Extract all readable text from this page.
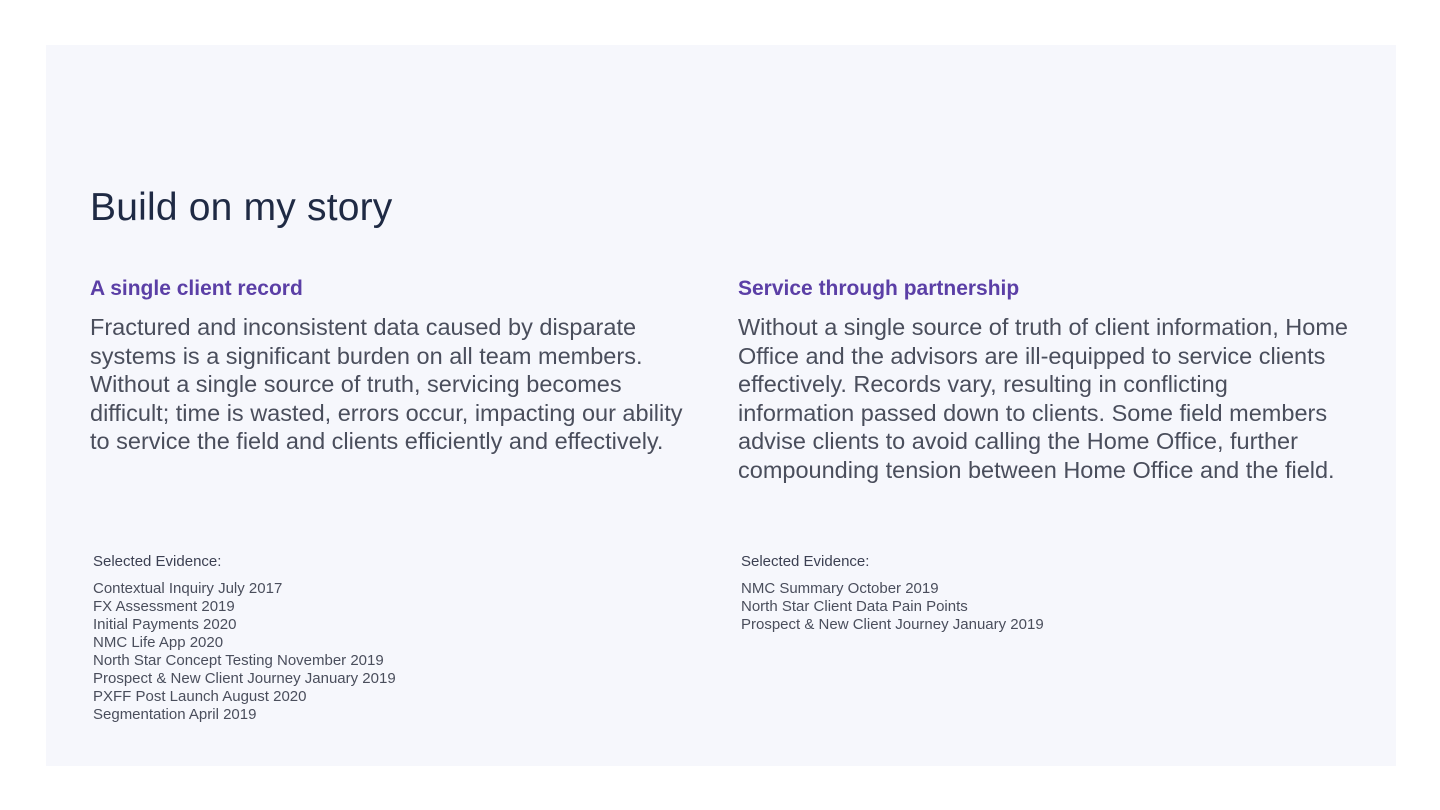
Build on my story
A single client record

Fractured and inconsistent data caused by disparate systems is a significant burden on all team members. Without a single source of truth, servicing becomes difficult; time is wasted, errors occur, impacting our ability to service the field and clients efficiently and effectively.

Service through partnership

Without a single source of truth of client information, Home Office and the advisors are ill-equipped to service clients effectively. Records vary, resulting in conflicting information passed down to clients. Some field members advise clients to avoid calling the Home Office, further compounding tension between Home Office and the field.

Selected Evidence:
Contextual Inquiry July 2017
FX Assessment 2019
Initial Payments 2020
NMC Life App 2020
North Star Concept Testing November 2019
Prospect & New Client Journey January 2019
PXFF Post Launch August 2020
Segmentation April 2019
Selected Evidence:
NMC Summary October 2019
North Star Client Data Pain Points
Prospect & New Client Journey January 2019
